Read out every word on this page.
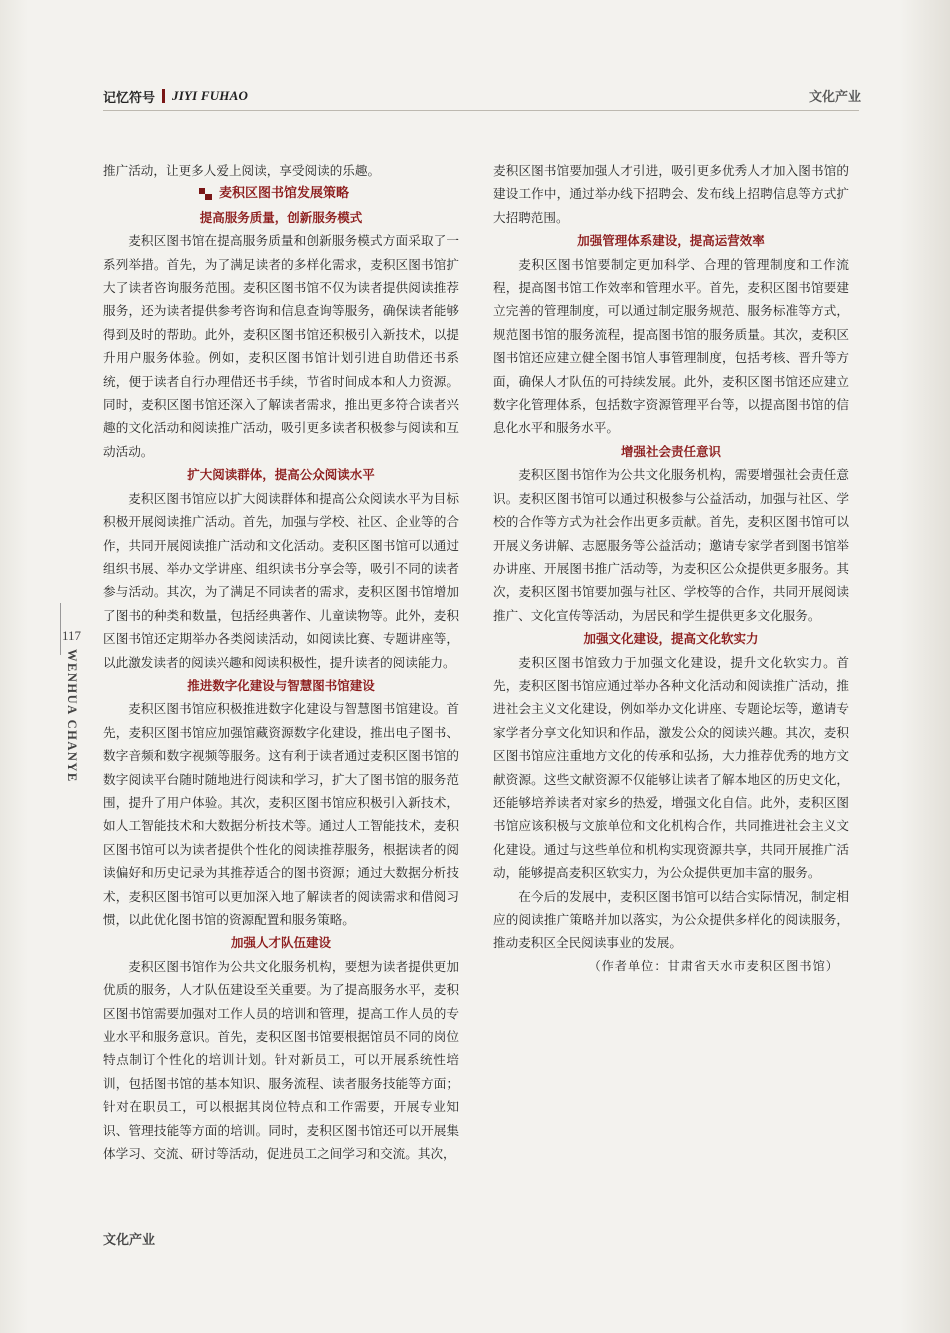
记忆符号 JIYI FUHAO	文化产业
117
WENHUA CHANYE

推广活动，让更多人爱上阅读，享受阅读的乐趣。

麦积区图书馆发展策略

提高服务质量，创新服务模式

麦积区图书馆在提高服务质量和创新服务模式方面采取了一系列举措。首先，为了满足读者的多样化需求，麦积区图书馆扩大了读者咨询服务范围。麦积区图书馆不仅为读者提供阅读推荐服务，还为读者提供参考咨询和信息查询等服务，确保读者能够得到及时的帮助。此外，麦积区图书馆还积极引入新技术，以提升用户服务体验。例如，麦积区图书馆计划引进自助借还书系统，便于读者自行办理借还书手续，节省时间成本和人力资源。同时，麦积区图书馆还深入了解读者需求，推出更多符合读者兴趣的文化活动和阅读推广活动，吸引更多读者积极参与阅读和互动活动。

扩大阅读群体，提高公众阅读水平

麦积区图书馆应以扩大阅读群体和提高公众阅读水平为目标积极开展阅读推广活动。首先，加强与学校、社区、企业等的合作，共同开展阅读推广活动和文化活动。麦积区图书馆可以通过组织书展、举办文学讲座、组织读书分享会等，吸引不同的读者参与活动。其次，为了满足不同读者的需求，麦积区图书馆增加了图书的种类和数量，包括经典著作、儿童读物等。此外，麦积区图书馆还定期举办各类阅读活动，如阅读比赛、专题讲座等，以此激发读者的阅读兴趣和阅读积极性，提升读者的阅读能力。

推进数字化建设与智慧图书馆建设

麦积区图书馆应积极推进数字化建设与智慧图书馆建设。首先，麦积区图书馆应加强馆藏资源数字化建设，推出电子图书、数字音频和数字视频等服务。这有利于读者通过麦积区图书馆的数字阅读平台随时随地进行阅读和学习，扩大了图书馆的服务范围，提升了用户体验。其次，麦积区图书馆应积极引入新技术，如人工智能技术和大数据分析技术等。通过人工智能技术，麦积区图书馆可以为读者提供个性化的阅读推荐服务，根据读者的阅读偏好和历史记录为其推荐适合的图书资源；通过大数据分析技术，麦积区图书馆可以更加深入地了解读者的阅读需求和借阅习惯，以此优化图书馆的资源配置和服务策略。

加强人才队伍建设

麦积区图书馆作为公共文化服务机构，要想为读者提供更加优质的服务，人才队伍建设至关重要。为了提高服务水平，麦积区图书馆需要加强对工作人员的培训和管理，提高工作人员的专业水平和服务意识。首先，麦积区图书馆要根据馆员不同的岗位特点制订个性化的培训计划。针对新员工，可以开展系统性培训，包括图书馆的基本知识、服务流程、读者服务技能等方面；针对在职员工，可以根据其岗位特点和工作需要，开展专业知识、管理技能等方面的培训。同时，麦积区图书馆还可以开展集体学习、交流、研讨等活动，促进员工之间学习和交流。其次，

麦积区图书馆要加强人才引进，吸引更多优秀人才加入图书馆的建设工作中，通过举办线下招聘会、发布线上招聘信息等方式扩大招聘范围。

加强管理体系建设，提高运营效率

麦积区图书馆要制定更加科学、合理的管理制度和工作流程，提高图书馆工作效率和管理水平。首先，麦积区图书馆要建立完善的管理制度，可以通过制定服务规范、服务标准等方式，规范图书馆的服务流程，提高图书馆的服务质量。其次，麦积区图书馆还应建立健全图书馆人事管理制度，包括考核、晋升等方面，确保人才队伍的可持续发展。此外，麦积区图书馆还应建立数字化管理体系，包括数字资源管理平台等，以提高图书馆的信息化水平和服务水平。

增强社会责任意识

麦积区图书馆作为公共文化服务机构，需要增强社会责任意识。麦积区图书馆可以通过积极参与公益活动，加强与社区、学校的合作等方式为社会作出更多贡献。首先，麦积区图书馆可以开展义务讲解、志愿服务等公益活动；邀请专家学者到图书馆举办讲座、开展图书推广活动等，为麦积区公众提供更多服务。其次，麦积区图书馆要加强与社区、学校等的合作，共同开展阅读推广、文化宣传等活动，为居民和学生提供更多文化服务。

加强文化建设，提高文化软实力

麦积区图书馆致力于加强文化建设，提升文化软实力。首先，麦积区图书馆应通过举办各种文化活动和阅读推广活动，推进社会主义文化建设，例如举办文化讲座、专题论坛等，邀请专家学者分享文化知识和作品，激发公众的阅读兴趣。其次，麦积区图书馆应注重地方文化的传承和弘扬，大力推荐优秀的地方文献资源。这些文献资源不仅能够让读者了解本地区的历史文化，还能够培养读者对家乡的热爱，增强文化自信。此外，麦积区图书馆应该积极与文旅单位和文化机构合作，共同推进社会主义文化建设。通过与这些单位和机构实现资源共享，共同开展推广活动，能够提高麦积区软实力，为公众提供更加丰富的服务。

在今后的发展中，麦积区图书馆可以结合实际情况，制定相应的阅读推广策略并加以落实，为公众提供多样化的阅读服务，推动麦积区全民阅读事业的发展。

（作者单位：甘肃省天水市麦积区图书馆）

文化产业
